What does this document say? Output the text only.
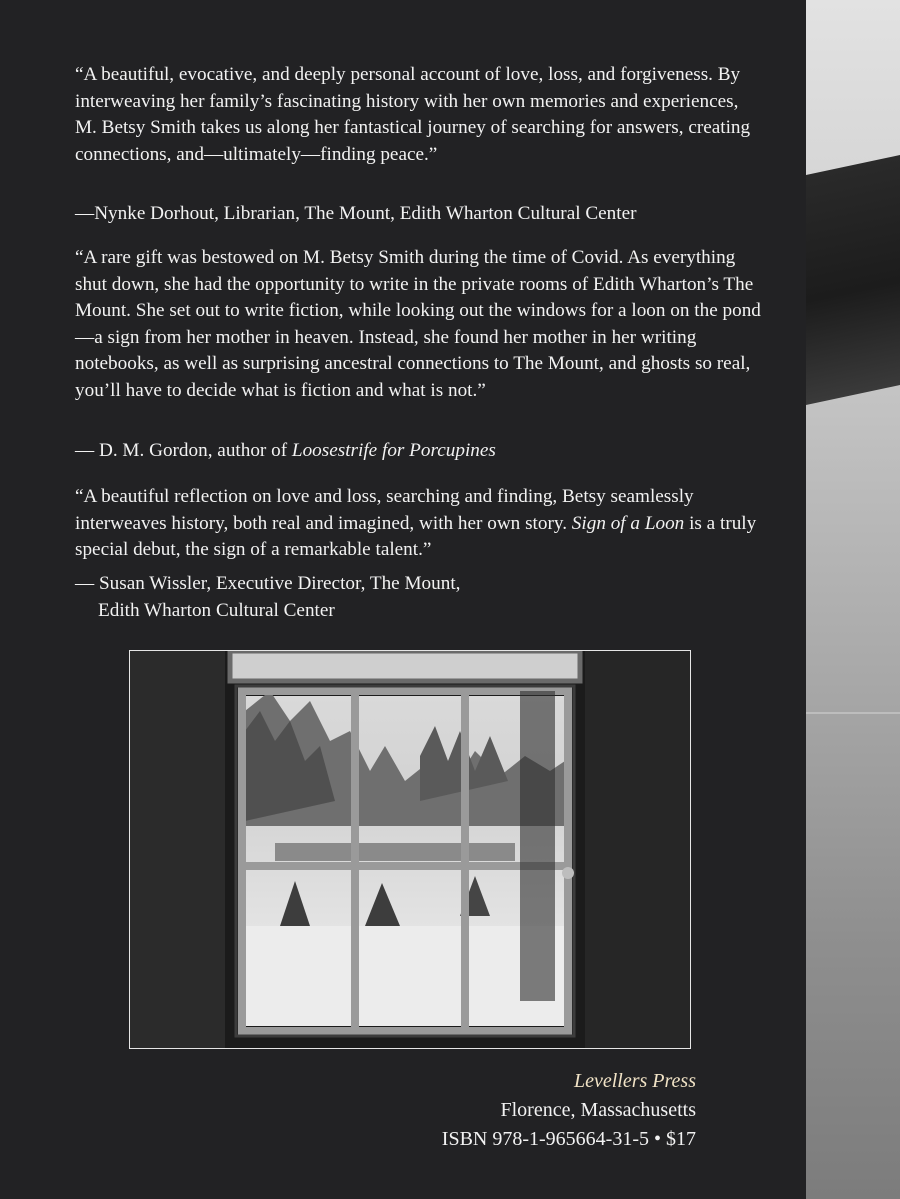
“A beautiful, evocative, and deeply personal account of love, loss, and forgiveness. By interweaving her family’s fascinating history with her own memories and experiences, M. Betsy Smith takes us along her fantastical journey of searching for answers, creating connections, and—ultimately—finding peace.”

—Nynke Dorhout, Librarian, The Mount, Edith Wharton Cultural Center

“A rare gift was bestowed on M. Betsy Smith during the time of Covid. As everything shut down, she had the opportunity to write in the private rooms of Edith Wharton’s The Mount. She set out to write fiction, while looking out the windows for a loon on the pond—a sign from her mother in heaven. Instead, she found her mother in her writing notebooks, as well as surprising ancestral connections to The Mount, and ghosts so real, you’ll have to decide what is fiction and what is not.”

— D. M. Gordon, author of Loosestrife for Porcupines

“A beautiful reflection on love and loss, searching and finding, Betsy seamlessly interweaves history, both real and imagined, with her own story. Sign of a Loon is a truly special debut, the sign of a remarkable talent.”

— Susan Wissler, Executive Director, The Mount,
Edith Wharton Cultural Center

Levellers Press

Florence, Massachusetts

ISBN 978-1-965664-31-5 • $17
